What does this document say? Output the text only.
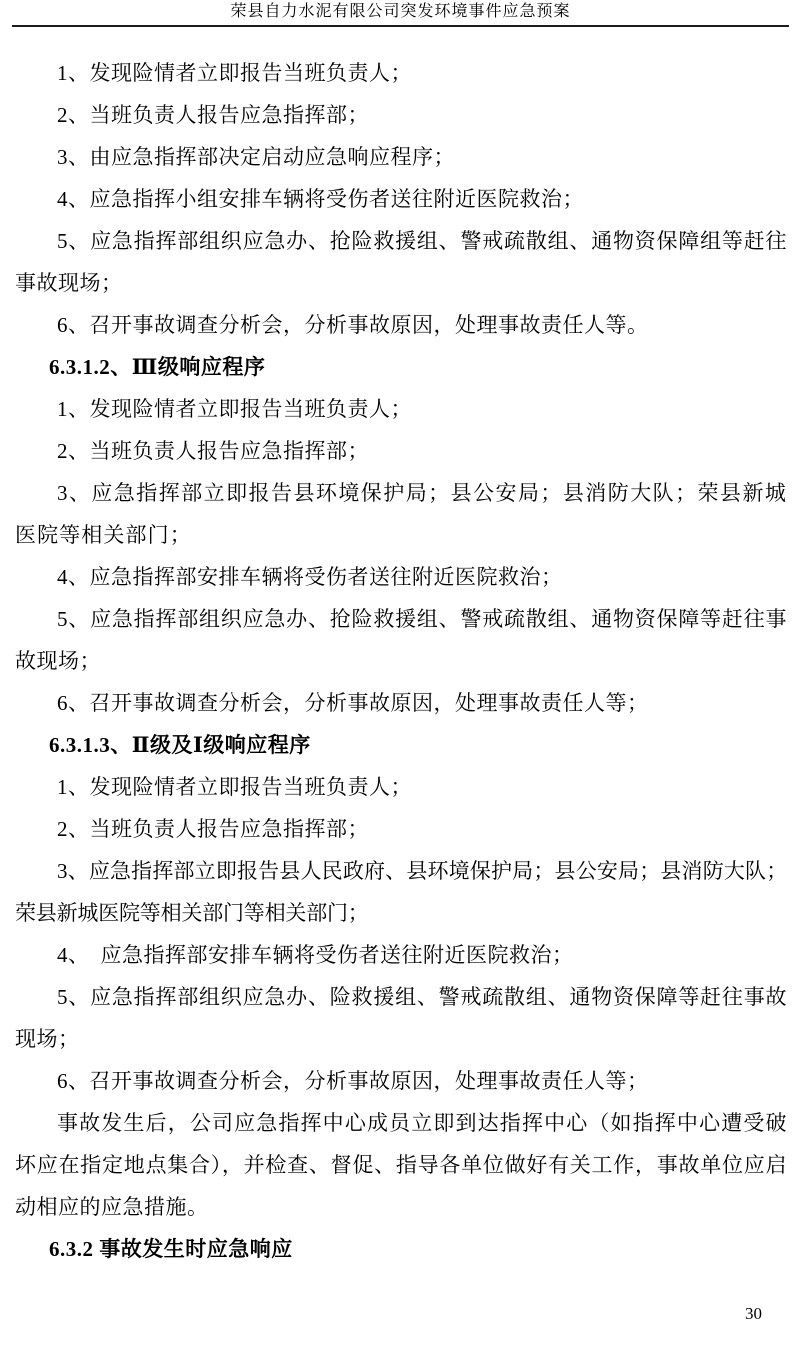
荣县自力水泥有限公司突发环境事件应急预案

1、发现险情者立即报告当班负责人；

2、当班负责人报告应急指挥部；

3、由应急指挥部决定启动应急响应程序；

4、应急指挥小组安排车辆将受伤者送往附近医院救治；

5、应急指挥部组织应急办、抢险救援组、警戒疏散组、通物资保障组等赶往事故现场；

6、召开事故调查分析会，分析事故原因，处理事故责任人等。

6.3.1.2、Ⅲ级响应程序

1、发现险情者立即报告当班负责人；

2、当班负责人报告应急指挥部；

3、应急指挥部立即报告县环境保护局；县公安局；县消防大队；荣县新城医院等相关部门；

4、应急指挥部安排车辆将受伤者送往附近医院救治；

5、应急指挥部组织应急办、抢险救援组、警戒疏散组、通物资保障等赶往事故现场；

6、召开事故调查分析会，分析事故原因，处理事故责任人等；

6.3.1.3、Ⅱ级及Ⅰ级响应程序

1、发现险情者立即报告当班负责人；

2、当班负责人报告应急指挥部；

3、应急指挥部立即报告县人民政府、县环境保护局；县公安局；县消防大队；荣县新城医院等相关部门等相关部门；

4、　应急指挥部安排车辆将受伤者送往附近医院救治；

5、应急指挥部组织应急办、险救援组、警戒疏散组、通物资保障等赶往事故现场；

6、召开事故调查分析会，分析事故原因，处理事故责任人等；

事故发生后，公司应急指挥中心成员立即到达指挥中心（如指挥中心遭受破坏应在指定地点集合），并检查、督促、指导各单位做好有关工作，事故单位应启动相应的应急措施。

6.3.2 事故发生时应急响应

30
